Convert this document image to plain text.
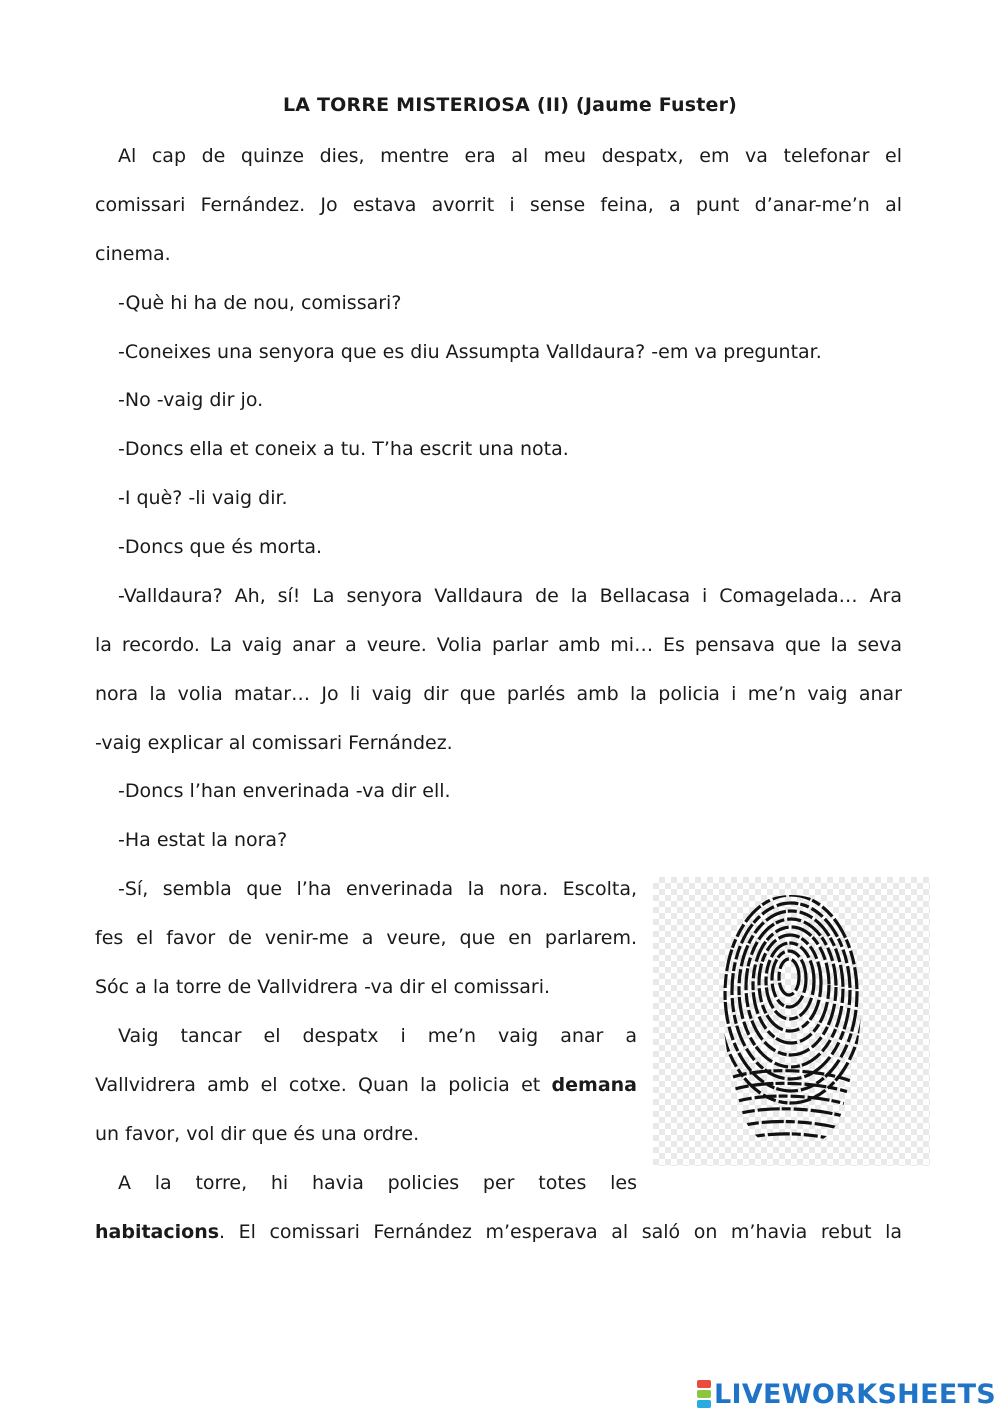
LA TORRE MISTERIOSA (II) (Jaume Fuster)
Al cap de quinze dies, mentre era al meu despatx, em va telefonar el
comissari Fernández. Jo estava avorrit i sense feina, a punt d’anar-me’n al
cinema.
-Què hi ha de nou, comissari?
-Coneixes una senyora que es diu Assumpta Valldaura? -em va preguntar.
-No -vaig dir jo.
-Doncs ella et coneix a tu. T’ha escrit una nota.
-I què? -li vaig dir.
-Doncs que és morta.
-Valldaura? Ah, sí! La senyora Valldaura de la Bellacasa i Comagelada… Ara
la recordo. La vaig anar a veure. Volia parlar amb mi… Es pensava que la seva
nora la volia matar… Jo li vaig dir que parlés amb la policia i me’n vaig anar
-vaig explicar al comissari Fernández.
-Doncs l’han enverinada -va dir ell.
-Ha estat la nora?
-Sí, sembla que l’ha enverinada la nora. Escolta,
fes el favor de venir-me a veure, que en parlarem.
Sóc a la torre de Vallvidrera -va dir el comissari.
Vaig tancar el despatx i me’n vaig anar a
Vallvidrera amb el cotxe. Quan la policia et demana
un favor, vol dir que és una ordre.
A la torre, hi havia policies per totes les
habitacions. El comissari Fernández m’esperava al saló on m’havia rebut la
LIVEWORKSHEETS
